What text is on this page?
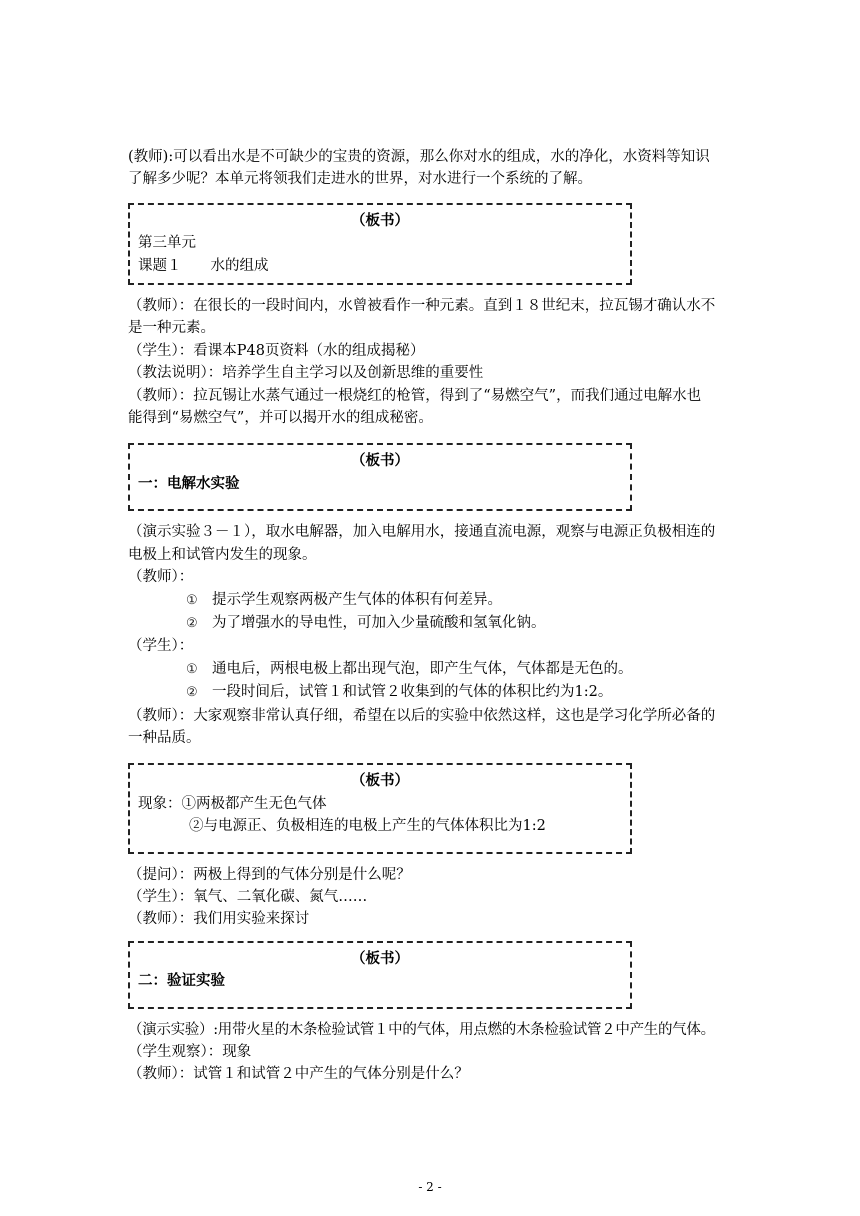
(教师):可以看出水是不可缺少的宝贵的资源，那么你对水的组成，水的净化，水资料等知识

了解多少呢？本单元将领我们走进水的世界，对水进行一个系统的了解。

（板书）

第三单元

课题１　　水的组成

（教师）：在很长的一段时间内，水曾被看作一种元素。直到１８世纪末，拉瓦锡才确认水不

是一种元素。

（学生）：看课本P48页资料（水的组成揭秘）

（教法说明）：培养学生自主学习以及创新思维的重要性

（教师）：拉瓦锡让水蒸气通过一根烧红的枪管，得到了“易燃空气”，而我们通过电解水也

能得到“易燃空气”，并可以揭开水的组成秘密。

（板书）

一：电解水实验

（演示实验３－１），取水电解器，加入电解用水，接通直流电源，观察与电源正负极相连的

电极上和试管内发生的现象。

（教师）：

① 提示学生观察两极产生气体的体积有何差异。

② 为了增强水的导电性，可加入少量硫酸和氢氧化钠。

（学生）：

① 通电后，两根电极上都出现气泡，即产生气体，气体都是无色的。

② 一段时间后，试管１和试管２收集到的气体的体积比约为1:2。

（教师）：大家观察非常认真仔细，希望在以后的实验中依然这样，这也是学习化学所必备的

一种品质。

（板书）

现象：①两极都产生无色气体

②与电源正、负极相连的电极上产生的气体体积比为1:2

（提问）：两极上得到的气体分别是什么呢？

（学生）：氧气、二氧化碳、氮气……

（教师）：我们用实验来探讨

（板书）

二：验证实验

（演示实验）:用带火星的木条检验试管１中的气体，用点燃的木条检验试管２中产生的气体。

（学生观察）：现象

（教师）：试管１和试管２中产生的气体分别是什么？

- 2 -
